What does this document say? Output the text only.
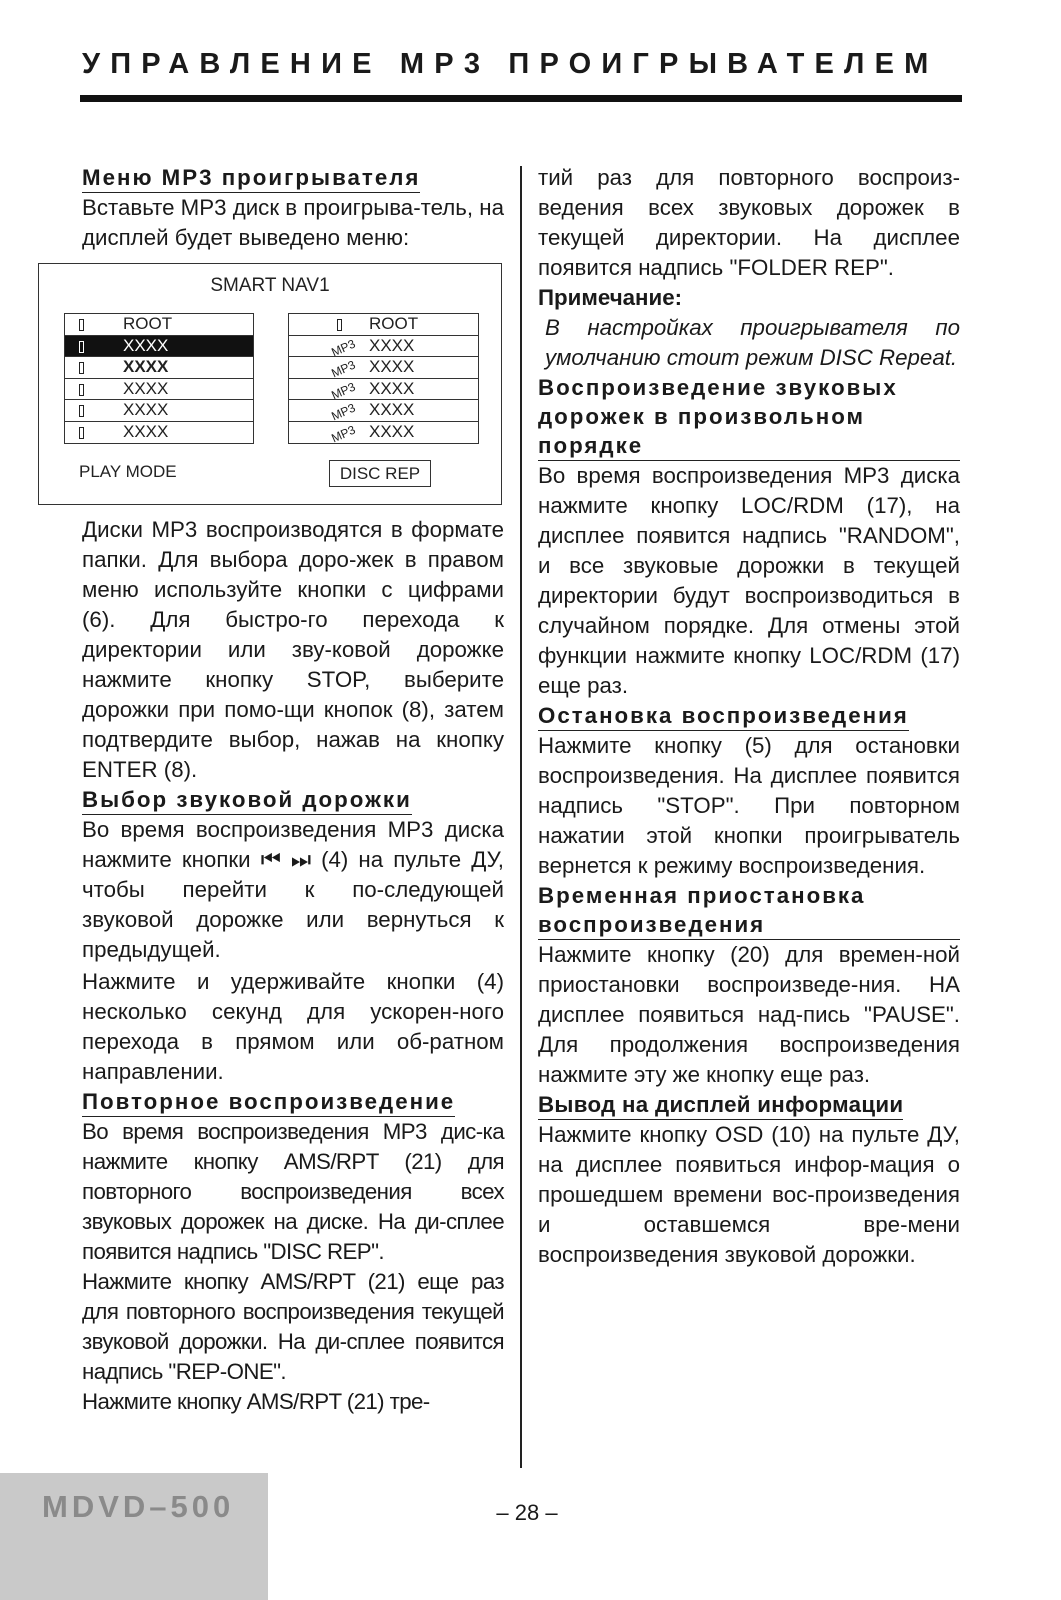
УПРАВЛЕНИЕ MP3 ПРОИГРЫВАТЕЛЕМ
Меню MP3 проигрывателя
Вставьте MP3 диск в проигрыва-тель, на дисплей будет выведено меню:
SMART NAV1
ROOT
XXXX
XXXX
XXXX
XXXX
XXXX
ROOT
MP3 XXXX
MP3 XXXX
MP3 XXXX
MP3 XXXX
MP3 XXXX
PLAY MODE	DISC REP
Диски MP3 воспроизводятся в формате папки. Для выбора доро-жек в правом меню используйте кнопки с цифрами (6). Для быстро-го перехода к директории или зву-ковой дорожке нажмите кнопку STOP, выберите дорожки при помо-щи кнопок (8), затем подтвердите выбор, нажав на кнопку ENTER (8).
Выбор звуковой дорожки
Во время воспроизведения MP3 диска нажмите кнопки ⏮ ⏭ (4) на пульте ДУ, чтобы перейти к по-следующей звуковой дорожке или вернуться к предыдущей.
Нажмите и удерживайте кнопки (4) несколько секунд для ускорен-ного перехода в прямом или об-ратном направлении.
Повторное воспроизведение
Во время воспроизведения MP3 дис-ка нажмите кнопку AMS/RPT (21) для повторного воспроизведения всех звуковых дорожек на диске. На ди-сплее появится надпись "DISC REP".
Нажмите кнопку AMS/RPT (21) еще раз для повторного воспроизведения текущей звуковой дорожки. На ди-сплее появится надпись "REP-ONE".
Нажмите кнопку AMS/RPT (21) тре-
тий раз для повторного воспроиз-ведения всех звуковых дорожек в текущей директории. На дисплее появится надпись "FOLDER REP".
Примечание:
В настройках проигрывателя по умолчанию стоит режим DISC Repeat.
Воспроизведение звуковых дорожек в произвольном порядке
Во время воспроизведения MP3 диска нажмите кнопку LOC/RDM (17), на дисплее появится надпись "RANDOM", и все звуковые дорожки в текущей директории будут воспроизводиться в случайном порядке. Для отмены этой функции нажмите кнопку LOC/RDM (17) еще раз.
Остановка воспроизведения
Нажмите кнопку (5) для остановки воспроизведения. На дисплее появится надпись "STOP". При повторном нажатии этой кнопки проигрыватель вернется к режиму воспроизведения.
Временная приостановка воспроизведения
Нажмите кнопку (20) для времен-ной приостановки воспроизведе-ния. НА дисплее появиться над-пись "PAUSE". Для продолжения воспроизведения нажмите эту же кнопку еще раз.
Вывод на дисплей информации
Нажмите кнопку OSD (10) на пульте ДУ, на дисплее появиться инфор-мация о прошедшем времени вос-произведения и оставшемся вре-мени воспроизведения звуковой дорожки.
MDVD–500	– 28 –
